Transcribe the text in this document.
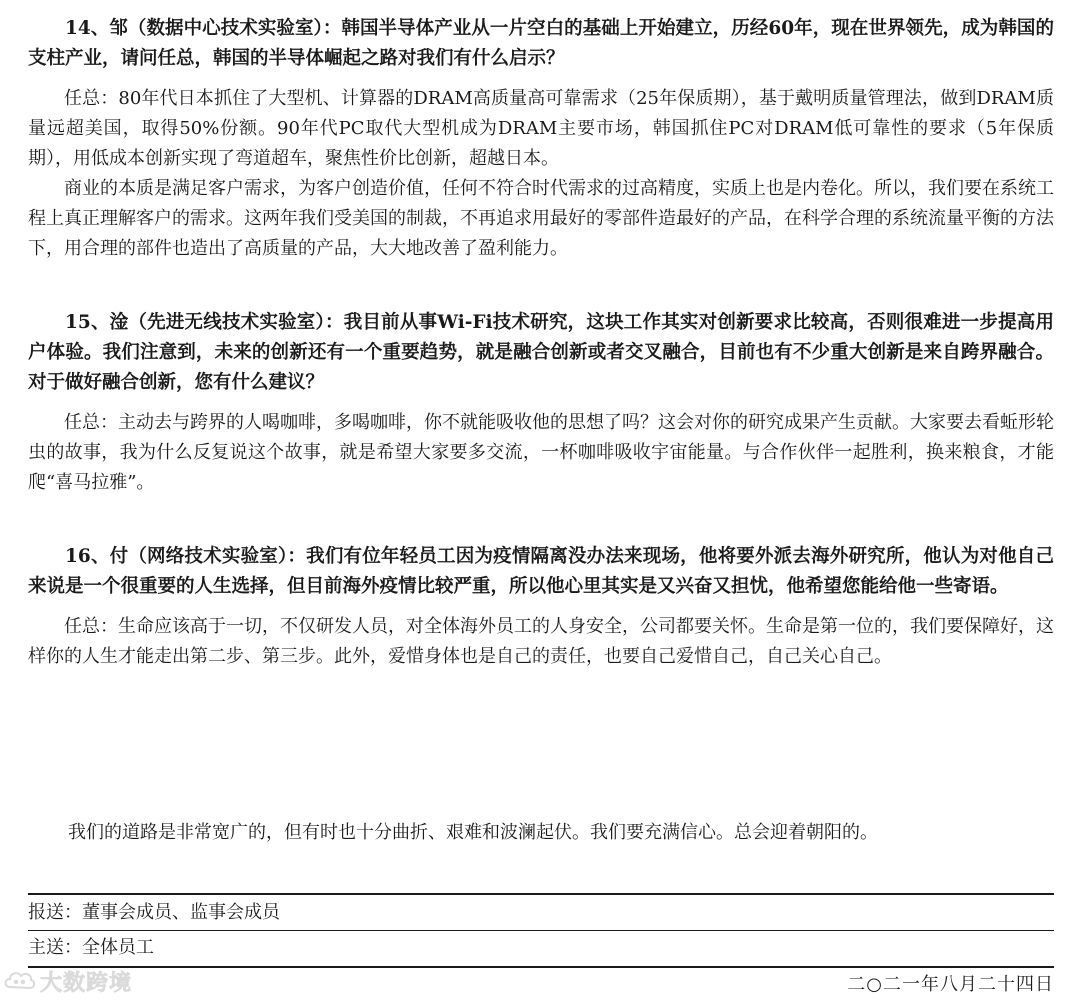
14、邹（数据中心技术实验室）：韩国半导体产业从一片空白的基础上开始建立，历经60年，现在世界领先，成为韩国的支柱产业，请问任总，韩国的半导体崛起之路对我们有什么启示？

任总：80年代日本抓住了大型机、计算器的DRAM高质量高可靠需求（25年保质期），基于戴明质量管理法，做到DRAM质量远超美国，取得50%份额。90年代PC取代大型机成为DRAM主要市场，韩国抓住PC对DRAM低可靠性的要求（5年保质期），用低成本创新实现了弯道超车，聚焦性价比创新，超越日本。

商业的本质是满足客户需求，为客户创造价值，任何不符合时代需求的过高精度，实质上也是内卷化。所以，我们要在系统工程上真正理解客户的需求。这两年我们受美国的制裁，不再追求用最好的零部件造最好的产品，在科学合理的系统流量平衡的方法下，用合理的部件也造出了高质量的产品，大大地改善了盈利能力。

15、淦（先进无线技术实验室）：我目前从事Wi-Fi技术研究，这块工作其实对创新要求比较高，否则很难进一步提高用户体验。我们注意到，未来的创新还有一个重要趋势，就是融合创新或者交叉融合，目前也有不少重大创新是来自跨界融合。对于做好融合创新，您有什么建议？

任总：主动去与跨界的人喝咖啡，多喝咖啡，你不就能吸收他的思想了吗？这会对你的研究成果产生贡献。大家要去看蚯形轮虫的故事，我为什么反复说这个故事，就是希望大家要多交流，一杯咖啡吸收宇宙能量。与合作伙伴一起胜利，换来粮食，才能爬“喜马拉雅”。

16、付（网络技术实验室）：我们有位年轻员工因为疫情隔离没办法来现场，他将要外派去海外研究所，他认为对他自己来说是一个很重要的人生选择，但目前海外疫情比较严重，所以他心里其实是又兴奋又担忧，他希望您能给他一些寄语。

任总：生命应该高于一切，不仅研发人员，对全体海外员工的人身安全，公司都要关怀。生命是第一位的，我们要保障好，这样你的人生才能走出第二步、第三步。此外，爱惜身体也是自己的责任，也要自己爱惜自己，自己关心自己。

我们的道路是非常宽广的，但有时也十分曲折、艰难和波澜起伏。我们要充满信心。总会迎着朝阳的。

报送：董事会成员、监事会成员

主送：全体员工

二○二一年八月二十四日

大数跨境
